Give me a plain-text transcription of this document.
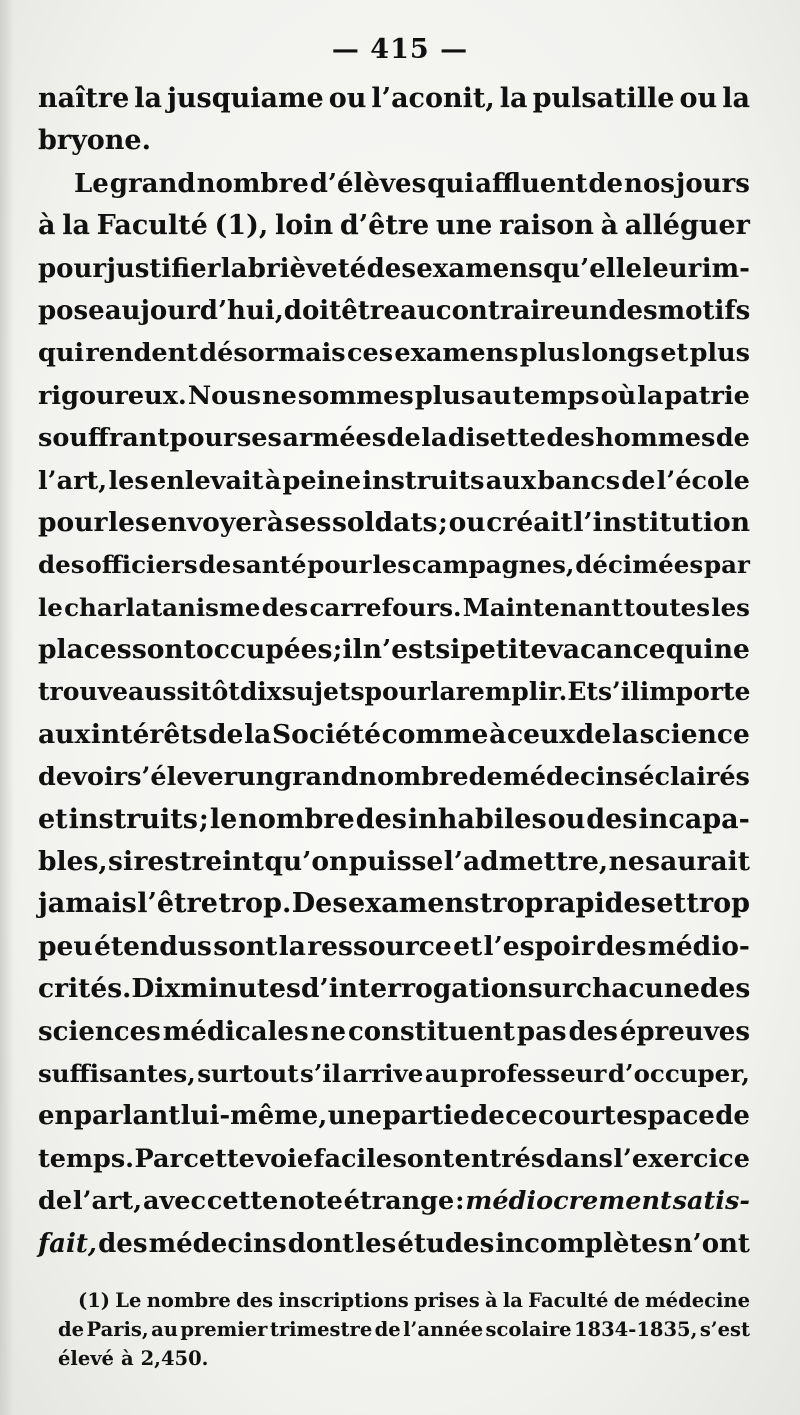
— 415 —
naître la jusquiame ou l’aconit, la pulsatille ou la
bryone.
Le grand nombre d’élèves qui affluent de nos jours
à la Faculté (1), loin d’être une raison à alléguer
pour justifier la brièveté des examens qu’elle leur im-
pose aujourd’hui, doit être au contraire un des motifs
qui rendent désormais ces examens plus longs et plus
rigoureux. Nous ne sommes plus au temps où la patrie
souffrant pour ses armées de la disette des hommes de
l’art, les enlevait à peine instruits aux bancs de l’école
pour les envoyer à ses soldats ; ou créait l’institution
des officiers de santé pour les campagnes, décimées par
le charlatanisme des carrefours. Maintenant toutes les
places sont occupées ; il n’est si petite vacance qui ne
trouve aussitôt dix sujets pour la remplir. Et s’il importe
aux intérêts de la Société comme à ceux de la science
de voir s’élever un grand nombre de médecins éclairés
et instruits ; le nombre des inhabiles ou des incapa-
bles, si restreint qu’on puisse l’admettre, ne saurait
jamais l’être trop. Des examens trop rapides et trop
peu étendus sont la ressource et l’espoir des médio-
crités. Dix minutes d’interrogation sur chacune des
sciences médicales ne constituent pas des épreuves
suffisantes, surtout s’il arrive au professeur d’occuper,
en parlant lui-même, une partie de ce court espace de
temps. Par cette voie facile sont entrés dans l’exercice
de l’art, avec cette note étrange : médiocrement satis-
fait, des médecins dont les études incomplètes n’ont
(1) Le nombre des inscriptions prises à la Faculté de médecine
de Paris, au premier trimestre de l’année scolaire 1834-1835, s’est
élevé à 2,450.
